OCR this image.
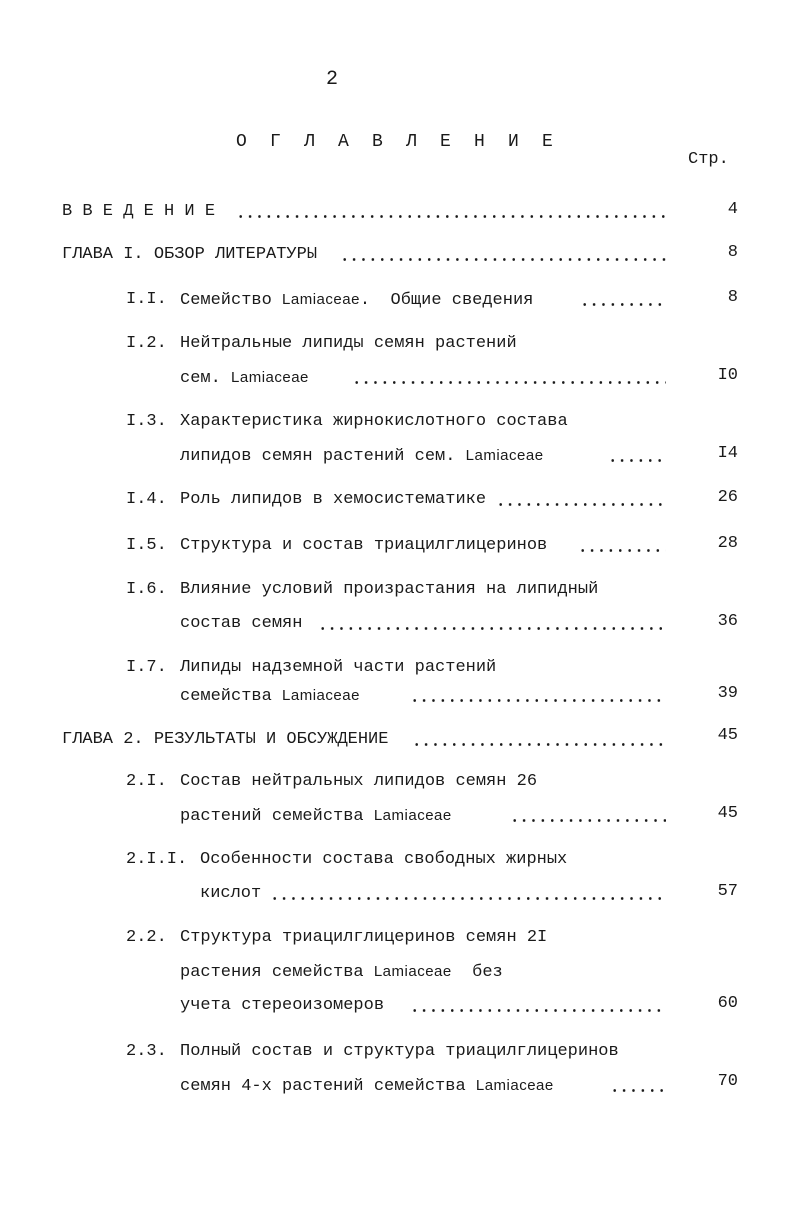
2
О Г Л А В Л Е Н И Е
Стр.
В В Е Д Е Н И Е	4
ГЛАВА I. ОБЗОР ЛИТЕРАТУРЫ	8
I.I. Семейство Lamiaceae.  Общие сведения	8
I.2. Нейтральные липиды семян растений
сем. Lamiaceae	I0
I.3. Характеристика жирнокислотного состава
липидов семян растений сем. Lamiaceae	I4
I.4. Роль липидов в хемосистематике	26
I.5. Структура и состав триацилглицеринов	28
I.6. Влияние условий произрастания на липидный
состав семян	36
I.7. Липиды надземной части растений
семейства Lamiaceae	39
ГЛАВА 2. РЕЗУЛЬТАТЫ И ОБСУЖДЕНИЕ	45
2.I. Состав нейтральных липидов семян 26
растений семейства Lamiaceae	45
2.I.I. Особенности состава свободных жирных
кислот	57
2.2. Структура триацилглицеринов семян 2I
растения семейства Lamiaceae  без
учета стереоизомеров	60
2.3. Полный состав и структура триацилглицеринов
семян 4-х растений семейства Lamiaceae	70
